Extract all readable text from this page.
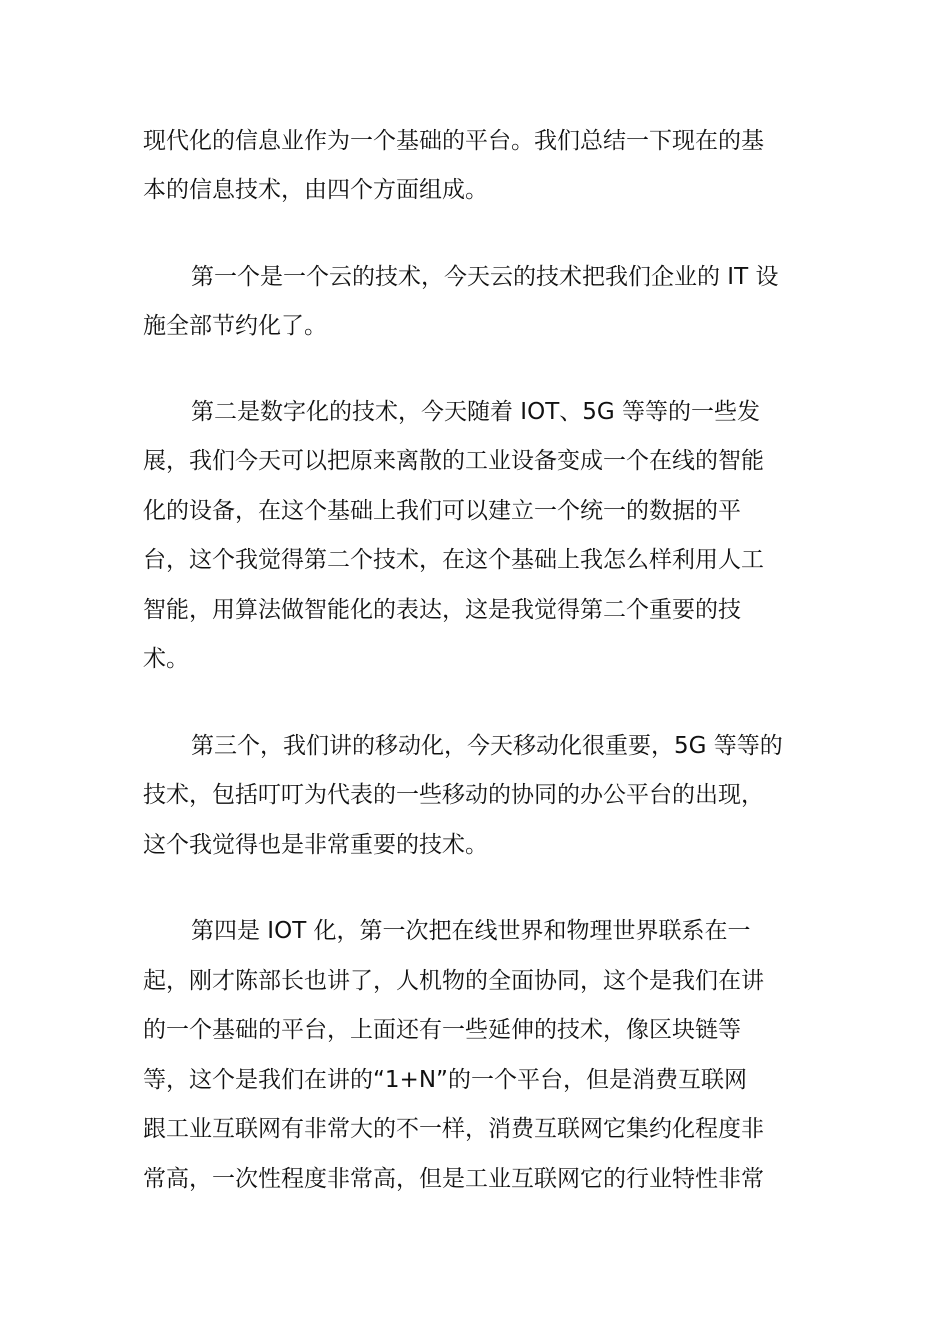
现代化的信息业作为一个基础的平台。我们总结一下现在的基

本的信息技术，由四个方面组成。

第一个是一个云的技术，今天云的技术把我们企业的 IT 设

施全部节约化了。

第二是数字化的技术，今天随着 IOT、5G 等等的一些发

展，我们今天可以把原来离散的工业设备变成一个在线的智能

化的设备，在这个基础上我们可以建立一个统一的数据的平

台，这个我觉得第二个技术，在这个基础上我怎么样利用人工

智能，用算法做智能化的表达，这是我觉得第二个重要的技

术。

第三个，我们讲的移动化，今天移动化很重要，5G 等等的

技术，包括叮叮为代表的一些移动的协同的办公平台的出现，

这个我觉得也是非常重要的技术。

第四是 IOT 化，第一次把在线世界和物理世界联系在一

起，刚才陈部长也讲了，人机物的全面协同，这个是我们在讲

的一个基础的平台，上面还有一些延伸的技术，像区块链等

等，这个是我们在讲的“1+N”的一个平台，但是消费互联网

跟工业互联网有非常大的不一样，消费互联网它集约化程度非

常高，一次性程度非常高，但是工业互联网它的行业特性非常
